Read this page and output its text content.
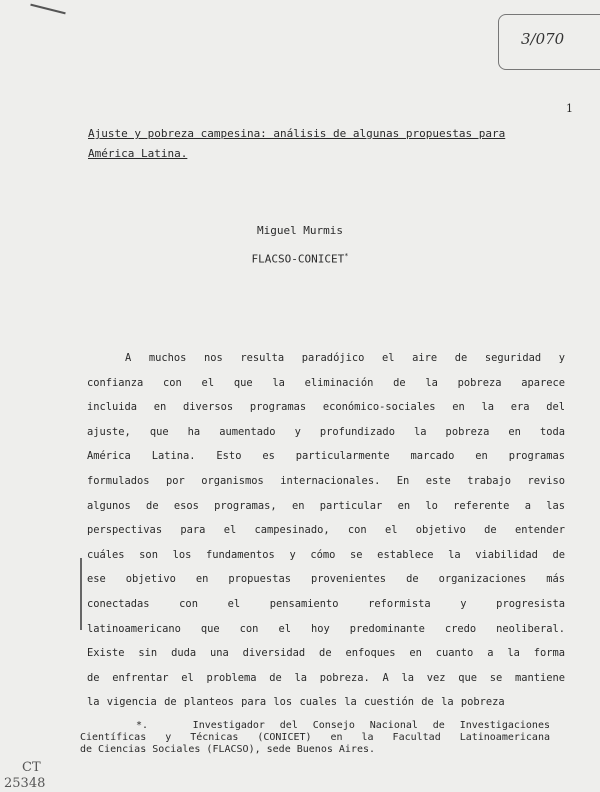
3/070
1
Ajuste y pobreza campesina: análisis de algunas propuestas para
América Latina.
Miguel Murmis
FLACSO-CONICET*
A muchos nos resulta paradójico el aire de seguridad y
confianza con el que la eliminación de la pobreza aparece
incluida en diversos programas económico-sociales en la era del
ajuste, que ha aumentado y profundizado la pobreza en toda
América Latina. Esto es particularmente marcado en programas
formulados por organismos internacionales. En este trabajo reviso
algunos de esos programas, en particular en lo referente a las
perspectivas para el campesinado, con el objetivo de entender
cuáles son los fundamentos y cómo se establece la viabilidad de
ese objetivo en propuestas provenientes de organizaciones más
conectadas con el pensamiento reformista y progresista
latinoamericano que con el hoy predominante credo neoliberal.
Existe sin duda una diversidad de enfoques en cuanto a la forma
de enfrentar el problema de la pobreza. A la vez que se mantiene
la vigencia de planteos para los cuales la cuestión de la pobreza
*.	Investigador del Consejo Nacional de Investigaciones
Científicas y Técnicas (CONICET) en la Facultad Latinoamericana
de Ciencias Sociales (FLACSO), sede Buenos Aires.
CT
25348
